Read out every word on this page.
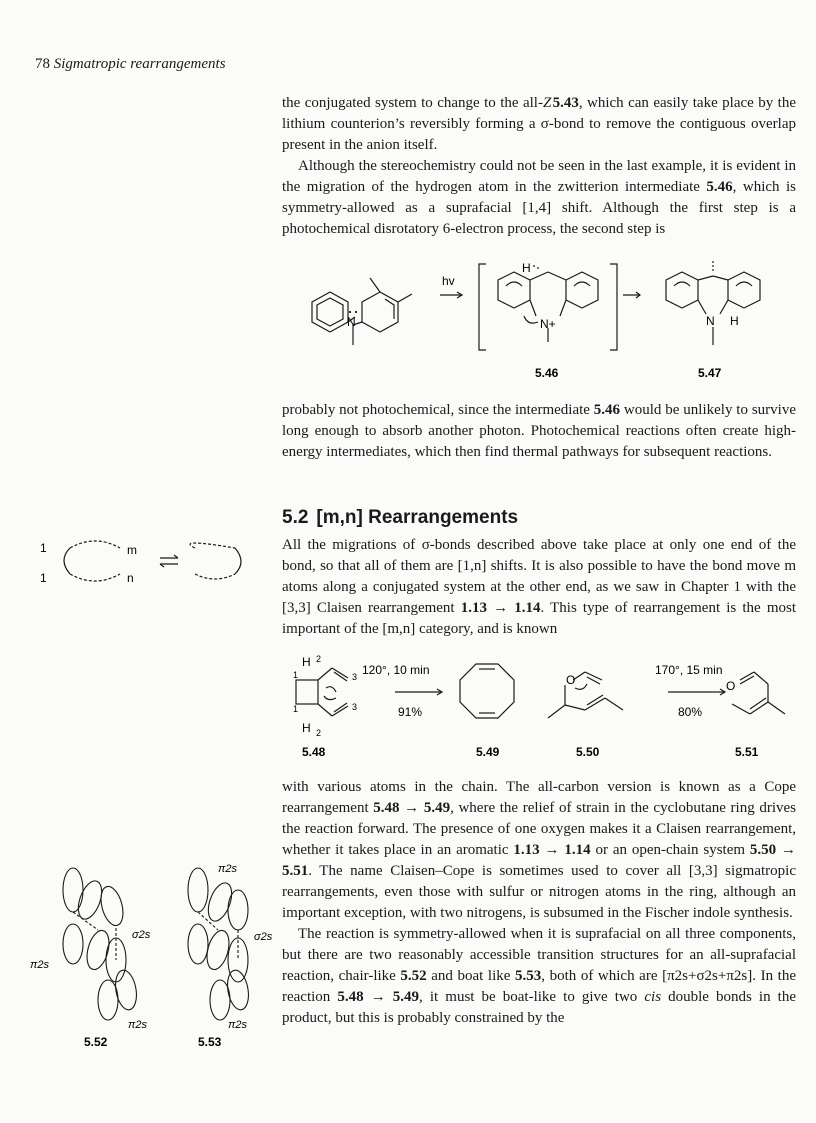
78 Sigmatropic rearrangements

the conjugated system to change to the all-Z 5.43, which can easily take place by the lithium counterion’s reversibly forming a σ-bond to remove the contiguous overlap present in the anion itself.

Although the stereochemistry could not be seen in the last example, it is evident in the migration of the hydrogen atom in the zwitterion intermediate 5.46, which is symmetry-allowed as a suprafacial [1,4] shift. Although the first step is a photochemical disrotatory 6-electron process, the second step is

N
hv
H
N+	N H
5.46	5.47

probably not photochemical, since the intermediate 5.46 would be unlikely to survive long enough to absorb another photon. Photochemical reactions often create high-energy intermediates, which then find thermal pathways for subsequent reactions.

5.2 [m,n] Rearrangements
1
1
m
n

All the migrations of σ-bonds described above take place at only one end of the bond, so that all of them are [1,n] shifts. It is also possible to have the bond move m atoms along a conjugated system at the other end, as we saw in Chapter 1 with the [3,3] Claisen rearrangement 1.13 → 1.14. This type of rearrangement is the most important of the [m,n] category, and is known

H
H
1
1
2
2
3
3
120°, 10 min
91%
O
170°, 15 min
80%
O
5.48	5.49	5.50	5.51

with various atoms in the chain. The all-carbon version is known as a Cope rearrangement 5.48 → 5.49, where the relief of strain in the cyclobutane ring drives the reaction forward. The presence of one oxygen makes it a Claisen rearrangement, whether it takes place in an aromatic 1.13 → 1.14 or an open-chain system 5.50 → 5.51. The name Claisen–Cope is sometimes used to cover all [3,3] sigmatropic rearrangements, even those with sulfur or nitrogen atoms in the ring, although an important exception, with two nitrogens, is subsumed in the Fischer indole synthesis.

The reaction is symmetry-allowed when it is suprafacial on all three components, but there are two reasonably accessible transition structures for an all-suprafacial reaction, chair-like 5.52 and boat like 5.53, both of which are [π2s+σ2s+π2s]. In the reaction 5.48 → 5.49, it must be boat-like to give two cis double bonds in the product, but this is probably constrained by the

π2s
σ2s
π2s
σ2s
π2s	π2s
5.52	5.53
